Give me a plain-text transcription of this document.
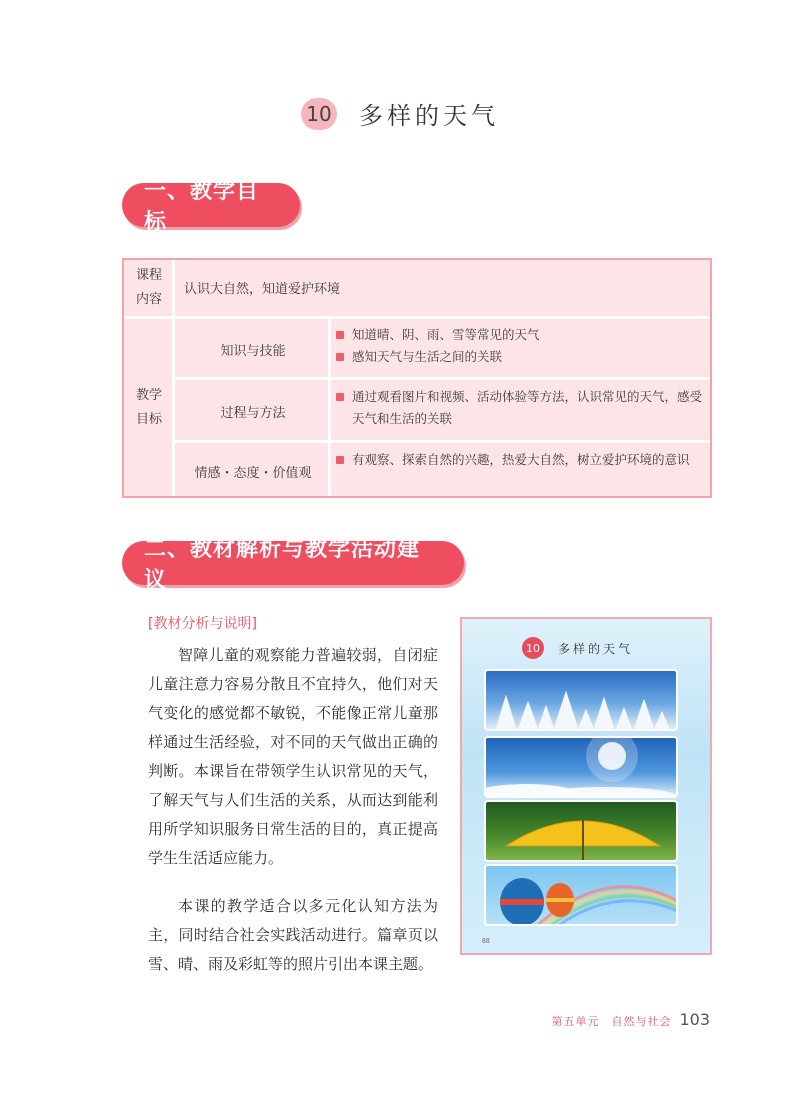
10 多样的天气
一、教学目标
课程
内容
认识大自然，知道爱护环境
教学
目标
知识与技能
知道晴、阴、雨、雪等常见的天气
感知天气与生活之间的关联
过程与方法
通过观看图片和视频、活动体验等方法，认识常见的天气，感受天气和生活的关联
情感・态度・价值观
有观察、探索自然的兴趣，热爱大自然，树立爱护环境的意识
二、教材解析与教学活动建议
[教材分析与说明]

智障儿童的观察能力普遍较弱，自闭症儿童注意力容易分散且不宜持久，他们对天气变化的感觉都不敏锐，不能像正常儿童那样通过生活经验，对不同的天气做出正确的判断。本课旨在带领学生认识常见的天气，了解天气与人们生活的关系，从而达到能利用所学知识服务日常生活的目的，真正提高学生生活适应能力。

本课的教学适合以多元化认知方法为主，同时结合社会实践活动进行。篇章页以雪、晴、雨及彩虹等的照片引出本课主题。

10	多样的天气
88
第五单元　自然与社会 103
